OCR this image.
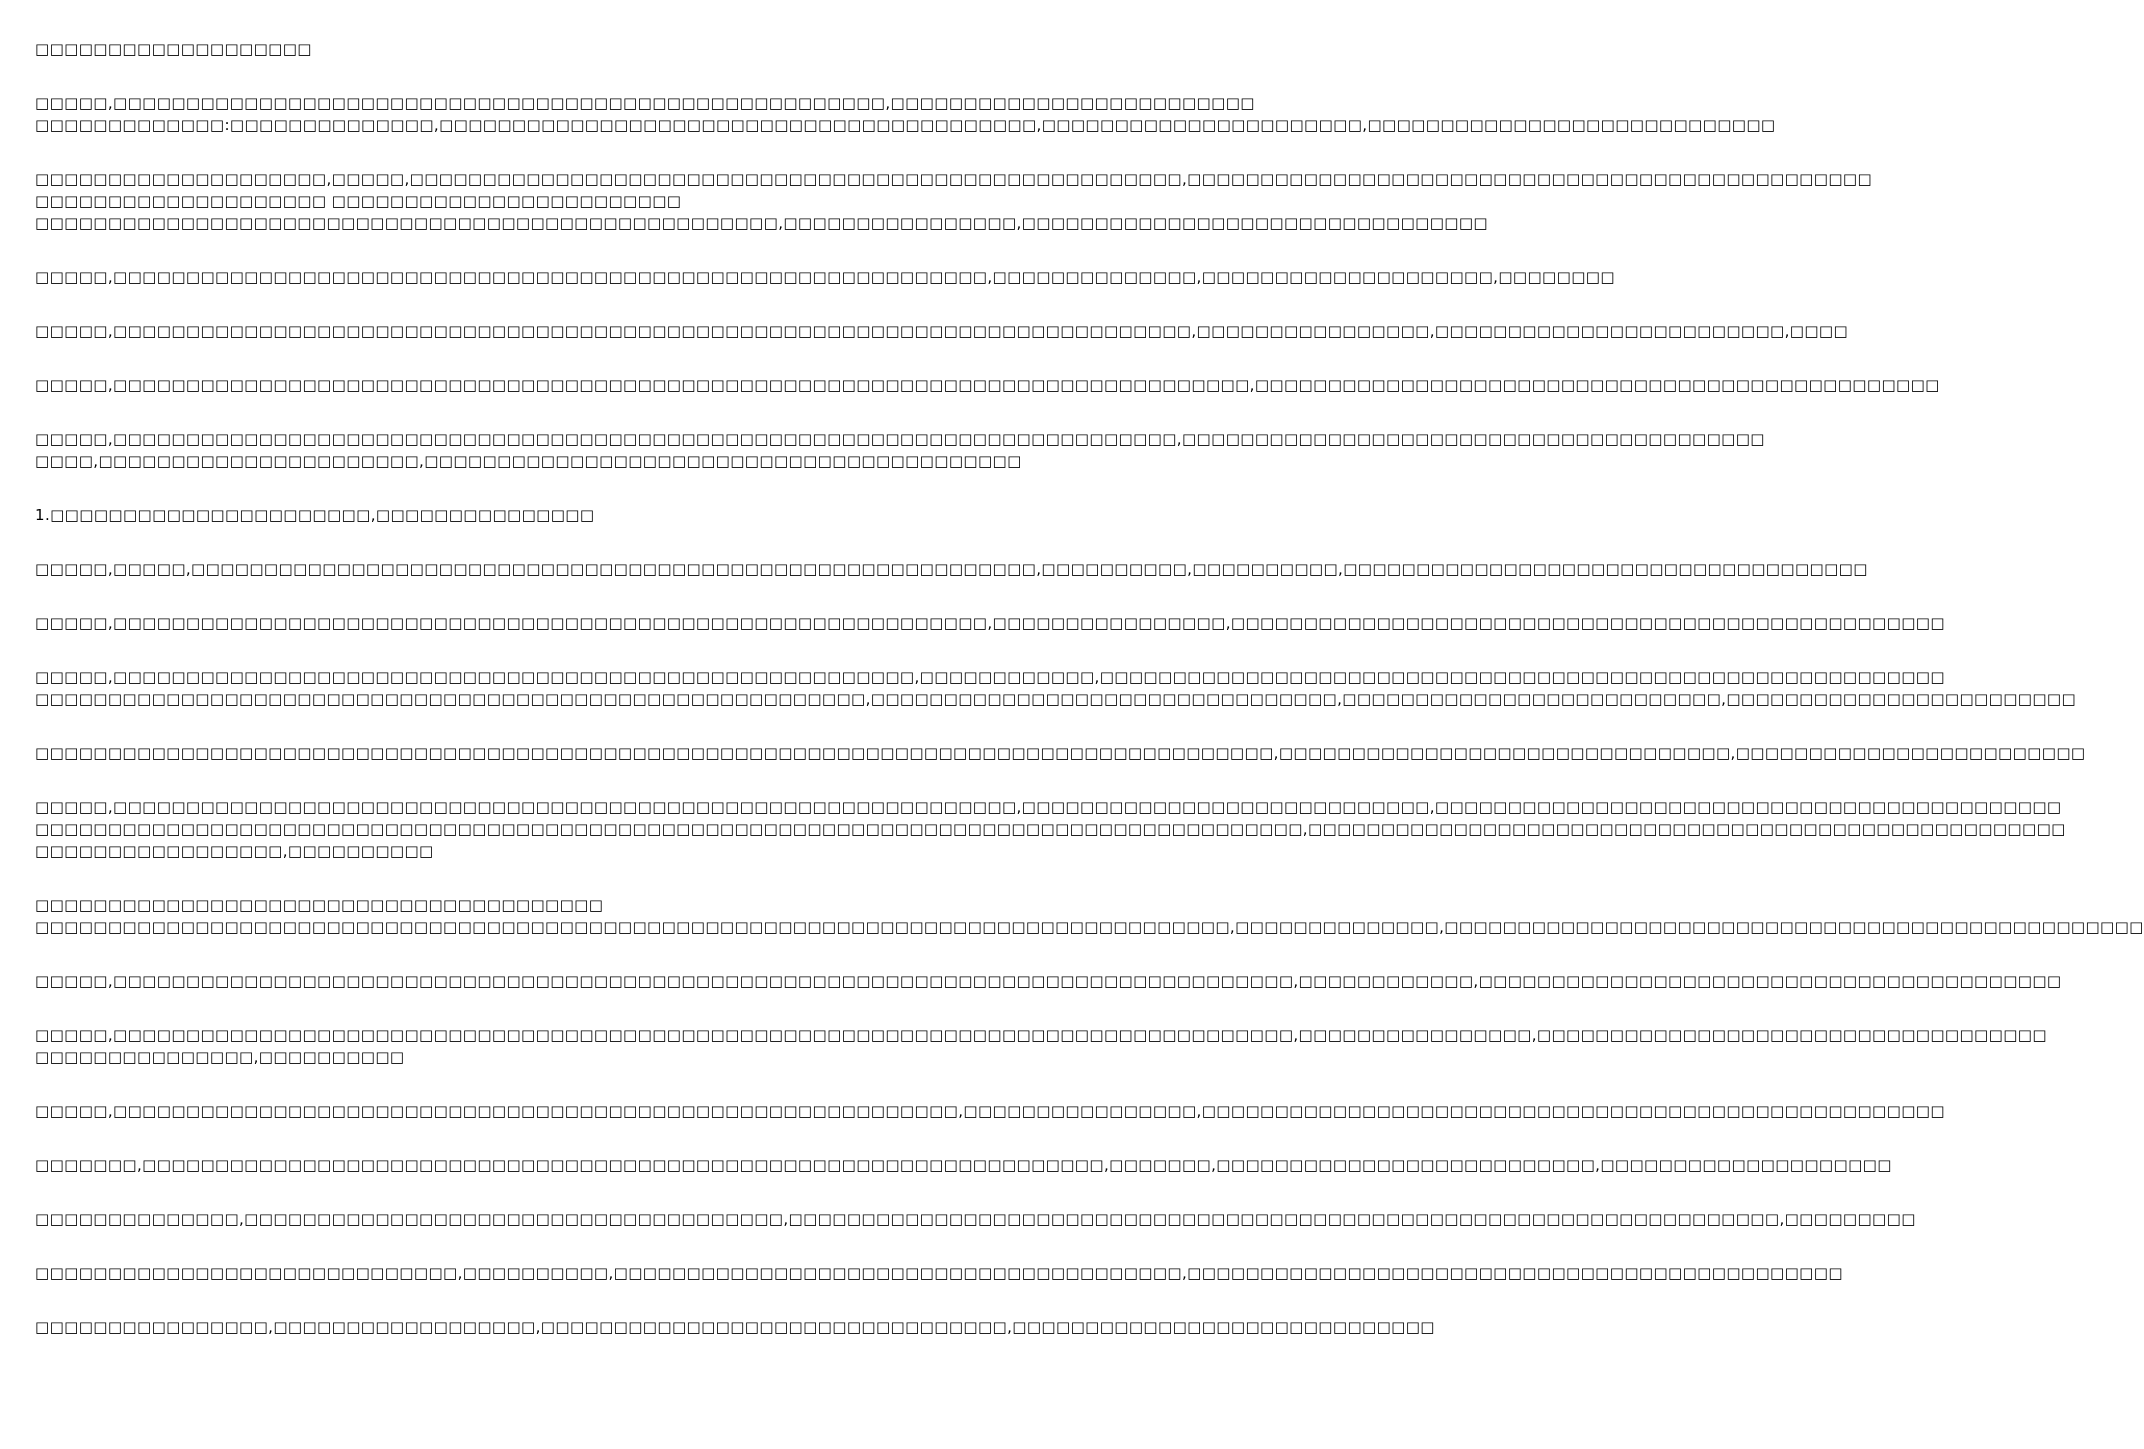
□□□□□□□□□□□□□□□□□□□
□□□□□,□□□□□□□□□□□□□□□□□□□□□□□□□□□□□□□□□□□□□□□□□□□□□□□□□□□□□,□□□□□□□□□□□□□□□□□□□□□□□□□
□□□□□□□□□□□□□:□□□□□□□□□□□□□□,□□□□□□□□□□□□□□□□□□□□□□□□□□□□□□□□□□□□□□□□□,□□□□□□□□□□□□□□□□□□□□□□,□□□□□□□□□□□□□□□□□□□□□□□□□□□□
□□□□□□□□□□□□□□□□□□□□,□□□□□,□□□□□□□□□□□□□□□□□□□□□□□□□□□□□□□□□□□□□□□□□□□□□□□□□□□□□,□□□□□□□□□□□□□□□□□□□□□□□□□□□□□□□□□□□□□□□□□□□□□□□
□□□□□□□□□□□□□□□□□□□□ □□□□□□□□□□□□□□□□□□□□□□□□
□□□□□□□□□□□□□□□□□□□□□□□□□□□□□□□□□□□□□□□□□□□□□□□□□□□,□□□□□□□□□□□□□□□□,□□□□□□□□□□□□□□□□□□□□□□□□□□□□□□□□
□□□□□,□□□□□□□□□□□□□□□□□□□□□□□□□□□□□□□□□□□□□□□□□□□□□□□□□□□□□□□□□□□□,□□□□□□□□□□□□□□,□□□□□□□□□□□□□□□□□□□□,□□□□□□□□
□□□□□,□□□□□□□□□□□□□□□□□□□□□□□□□□□□□□□□□□□□□□□□□□□□□□□□□□□□□□□□□□□□□□□□□□□□□□□□□□,□□□□□□□□□□□□□□□□,□□□□□□□□□□□□□□□□□□□□□□□□,□□□□
□□□□□,□□□□□□□□□□□□□□□□□□□□□□□□□□□□□□□□□□□□□□□□□□□□□□□□□□□□□□□□□□□□□□□□□□□□□□□□□□□□□□,□□□□□□□□□□□□□□□□□□□□□□□□□□□□□□□□□□□□□□□□□□□□□□□
□□□□□,□□□□□□□□□□□□□□□□□□□□□□□□□□□□□□□□□□□□□□□□□□□□□□□□□□□□□□□□□□□□□□□□□□□□□□□□□,□□□□□□□□□□□□□□□□□□□□□□□□□□□□□□□□□□□□□□□□
□□□□,□□□□□□□□□□□□□□□□□□□□□□,□□□□□□□□□□□□□□□□□□□□□□□□□□□□□□□□□□□□□□□□□
1.□□□□□□□□□□□□□□□□□□□□□□,□□□□□□□□□□□□□□□
□□□□□,□□□□□,□□□□□□□□□□□□□□□□□□□□□□□□□□□□□□□□□□□□□□□□□□□□□□□□□□□□□□□□□□,□□□□□□□□□□,□□□□□□□□□□,□□□□□□□□□□□□□□□□□□□□□□□□□□□□□□□□□□□□
□□□□□,□□□□□□□□□□□□□□□□□□□□□□□□□□□□□□□□□□□□□□□□□□□□□□□□□□□□□□□□□□□□,□□□□□□□□□□□□□□□□,□□□□□□□□□□□□□□□□□□□□□□□□□□□□□□□□□□□□□□□□□□□□□□□□□
□□□□□,□□□□□□□□□□□□□□□□□□□□□□□□□□□□□□□□□□□□□□□□□□□□□□□□□□□□□□□,□□□□□□□□□□□□,□□□□□□□□□□□□□□□□□□□□□□□□□□□□□□□□□□□□□□□□□□□□□□□□□□□□□□□□□□
□□□□□□□□□□□□□□□□□□□□□□□□□□□□□□□□□□□□□□□□□□□□□□□□□□□□□□□□□,□□□□□□□□□□□□□□□□□□□□□□□□□□□□□□□□,□□□□□□□□□□□□□□□□□□□□□□□□□□,□□□□□□□□□□□□□□□□□□□□□□□□
□□□□□□□□□□□□□□□□□□□□□□□□□□□□□□□□□□□□□□□□□□□□□□□□□□□□□□□□□□□□□□□□□□□□□□□□□□□□□□□□□□□□□,□□□□□□□□□□□□□□□□□□□□□□□□□□□□□□□,□□□□□□□□□□□□□□□□□□□□□□□□
□□□□□,□□□□□□□□□□□□□□□□□□□□□□□□□□□□□□□□□□□□□□□□□□□□□□□□□□□□□□□□□□□□□□,□□□□□□□□□□□□□□□□□□□□□□□□□□□□,□□□□□□□□□□□□□□□□□□□□□□□□□□□□□□□□□□□□□□□□□□□
□□□□□□□□□□□□□□□□□□□□□□□□□□□□□□□□□□□□□□□□□□□□□□□□□□□□□□□□□□□□□□□□□□□□□□□□□□□□□□□□□□□□□□□,□□□□□□□□□□□□□□□□□□□□□□□□□□□□□□□□□□□□□□□□□□□□□□□□□□□□
□□□□□□□□□□□□□□□□□,□□□□□□□□□□
□□□□□□□□□□□□□□□□□□□□□□□□□□□□□□□□□□□□□□□
□□□□□□□□□□□□□□□□□□□□□□□□□□□□□□□□□□□□□□□□□□□□□□□□□□□□□□□□□□□□□□□□□□□□□□□□□□□□□□□□□□,□□□□□□□□□□□□□□,□□□□□□□□□□□□□□□□□□□□□□□□□□□□□□□□□□□□□□□□□□□□□□□□
□□□□□,□□□□□□□□□□□□□□□□□□□□□□□□□□□□□□□□□□□□□□□□□□□□□□□□□□□□□□□□□□□□□□□□□□□□□□□□□□□□□□□□□,□□□□□□□□□□□□,□□□□□□□□□□□□□□□□□□□□□□□□□□□□□□□□□□□□□□□□
□□□□□,□□□□□□□□□□□□□□□□□□□□□□□□□□□□□□□□□□□□□□□□□□□□□□□□□□□□□□□□□□□□□□□□□□□□□□□□□□□□□□□□□,□□□□□□□□□□□□□□□□,□□□□□□□□□□□□□□□□□□□□□□□□□□□□□□□□□□□
□□□□□□□□□□□□□□□,□□□□□□□□□□
□□□□□,□□□□□□□□□□□□□□□□□□□□□□□□□□□□□□□□□□□□□□□□□□□□□□□□□□□□□□□□□□,□□□□□□□□□□□□□□□□,□□□□□□□□□□□□□□□□□□□□□□□□□□□□□□□□□□□□□□□□□□□□□□□□□□□
□□□□□□□,□□□□□□□□□□□□□□□□□□□□□□□□□□□□□□□□□□□□□□□□□□□□□□□□□□□□□□□□□□□□□□□□□□,□□□□□□□,□□□□□□□□□□□□□□□□□□□□□□□□□□,□□□□□□□□□□□□□□□□□□□□
□□□□□□□□□□□□□□,□□□□□□□□□□□□□□□□□□□□□□□□□□□□□□□□□□□□□,□□□□□□□□□□□□□□□□□□□□□□□□□□□□□□□□□□□□□□□□□□□□□□□□□□□□□□□□□□□□□□□□□□□□,□□□□□□□□□
□□□□□□□□□□□□□□□□□□□□□□□□□□□□□,□□□□□□□□□□,□□□□□□□□□□□□□□□□□□□□□□□□□□□□□□□□□□□□□□□,□□□□□□□□□□□□□□□□□□□□□□□□□□□□□□□□□□□□□□□□□□□□□
□□□□□□□□□□□□□□□□,□□□□□□□□□□□□□□□□□□,□□□□□□□□□□□□□□□□□□□□□□□□□□□□□□□□,□□□□□□□□□□□□□□□□□□□□□□□□□□□□□
